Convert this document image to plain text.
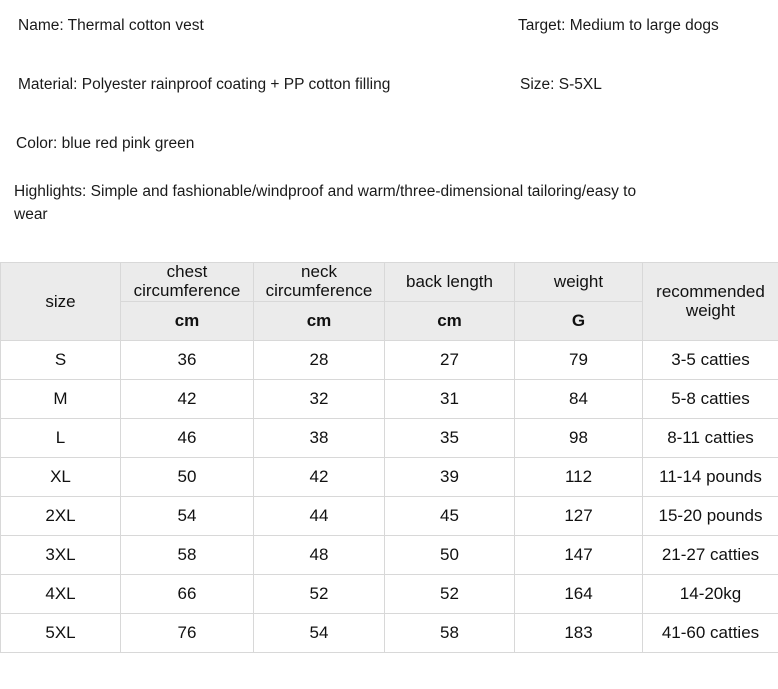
Name: Thermal cotton vest	Target: Medium to large dogs
Material: Polyester rainproof coating + PP cotton filling	Size: S-5XL
Color: blue red pink green
Highlights: Simple and fashionable/windproof and warm/three-dimensional tailoring/easy to wear
size	chest circumference	neck circumference	back length	weight	recommended weight
	cm	cm	cm	G	
S	36	28	27	79	3-5 catties
M	42	32	31	84	5-8 catties
L	46	38	35	98	8-11 catties
XL	50	42	39	112	11-14 pounds
2XL	54	44	45	127	15-20 pounds
3XL	58	48	50	147	21-27 catties
4XL	66	52	52	164	14-20kg
5XL	76	54	58	183	41-60 catties
